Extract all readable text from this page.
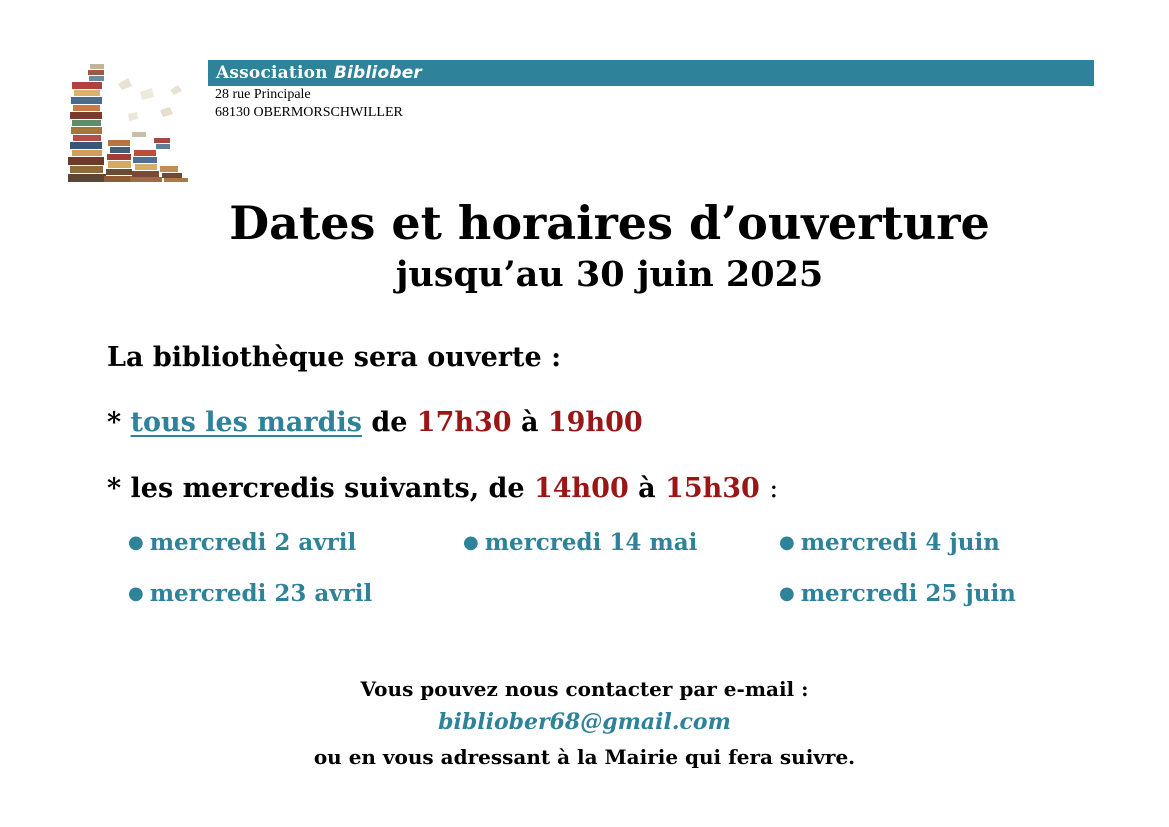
Association Bibliober
28 rue Principale
68130 OBERMORSCHWILLER
Dates et horaires d’ouverture
jusqu’au 30 juin 2025
La bibliothèque sera ouverte :
* tous les mardis de 17h30 à 19h00
* les mercredis suivants, de 14h00 à 15h30 :
● mercredi 2 avril	● mercredi 14 mai	● mercredi 4 juin
● mercredi 23 avril	● mercredi 25 juin
Vous pouvez nous contacter par e-mail :
bibliober68@gmail.com
ou en vous adressant à la Mairie qui fera suivre.
